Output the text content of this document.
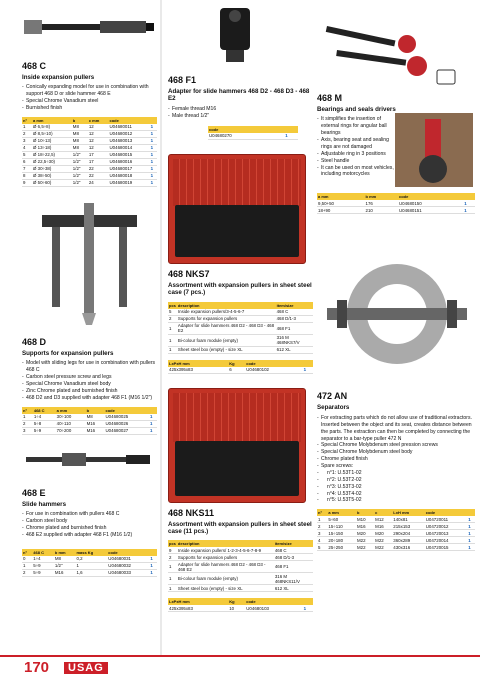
468 C
Inside expansion pullers
- Conically expanding model for use in combination with support 468 D or slide hammer 468 E
- Special Chrome Vanadium steel
- Burnished finish
n°	a mm	b	c mm	code	
1	Ø 6,5÷8)	M8	12	U04680011	1
2	Ø 8,5÷10)	M8	12	U04680012	1
3	Ø 10÷13)	M8	12	U04680013	1
4	Ø 13÷18)	M8	12	U04680014	1
5	Ø 18÷22,5)	1/2"	17	U04680015	1
6	Ø 22,5÷30)	1/2"	17	U04680016	1
7	Ø 30÷38)	1/2"	22	U04680017	1
8	Ø 38÷50)	1/2"	22	U04680018	1
9	Ø 50÷60)	1/2"	24	U04680019	1
468 D
Supports for expansion pullers
- Model with sliding legs for use in combination with pullers 468 C
- Carbon steel pressure screw and legs
- Special Chrome Vanadium steel body
- Zinc Chrome plated and burnished finish
- 468 D2 and D3 supplied with adapter 468 F1 (M16 1/2")
n°	468 C	a mm	b	code	
1	1÷4	30÷100	M8	U04680025	1
2	5÷8	40÷110	M16	U04680026	1
3	5÷9	70÷200	M16	U04680027	1
468 E
Slide hammers
- For use in combination with pullers 468 C
- Carbon steel body
- Chrome plated and burnished finish
- 468 E2 supplied with adapter 468 F1 (M16 1/2)
n°	468 C	b mm	mass Kg	code	
0	1÷4	M8	0,2	U04680031	1
1	5÷9	1/2"	1	U04680032	1
2	5÷9	M16	1,6	U04680033	1
468 F1
Adapter for slide hammers 468 D2 - 468 D3 - 468 E2
- Female thread M16
- Male thread 1/2"
code	
U04680270	1
468 NKS7
Assortment with expansion pullers in sheet steel case (7 pcs.)
pcs	description	item/size
5	Inside expansion pullers/3-4-5-6-7	468 C
2	Supports for expansion pullers	468 D/1-3
1	Adapter for slide hammers 468 D2 - 468 D3 - 468 E2	468 F1
1	Bi-colour foam module (empty)	316 M 468NKS7/V
1	Sheet steel box (empty) - size XL	612 XL
LxPxH mm	Kg	code	
425x395x83	6	U04680102	1
468 NKS11
Assortment with expansion pullers in sheet steel case (11 pcs.)
pcs	description	item/size
9	Inside expansion pullers/ 1-2-3-4-5-6-7-8-9	468 C
2	Supports for expansion pullers	468 D/1-3
1	Adapter for slide hammers 468 D2 - 468 D3 - 468 E2	468 F1
1	Bi-colour foam module (empty)	316 M 468NKS11/V
1	Sheet steel box (empty) - size XL	612 XL
LxPxH mm	Kg	code	
425x395x83	10	U04680103	1
468 M
Bearings and seals drivers
- It simplifies the insertion of external rings for angular ball bearings
- Axis, bearing seat and sealing rings are not damaged
- Adjustable ring in 3 positions
- Steel handle
- It can be used on most vehicles, including motorcycles
a mm	b mm	code	
9,50+50	176	U04680150	1
18+90	210	U04680151	1
472 AN
Separators
- For extracting parts which do not allow use of traditional extractors. Inserted between the object and its seat, creates distance between the parts. The extraction can then be completed by connecting the separator to a bar-type puller 472 N
- Special Chrome Molybdenum steel pression screws
- Special Chrome Molybdenum steel body
- Chrome plated finish
- Spare screws:
- n°1: U.53T1-02
- n°2: U.53T2-02
- n°3: U.53T3-02
- n°4: U.53T4-02
- n°5: U.53T5-02
n°	a mm	b	c	LxH mm	code	
1	5÷60	M10	M12	140x81	U04720011	1
2	15÷110	M16	M16	215x153	U04720012	1
3	15÷150	M20	M20	290x204	U04720013	1
4	20÷180	M22	M22	360x289	U04720014	1
5	25÷250	M22	M22	430x316	U04720015	1
170	USAG
